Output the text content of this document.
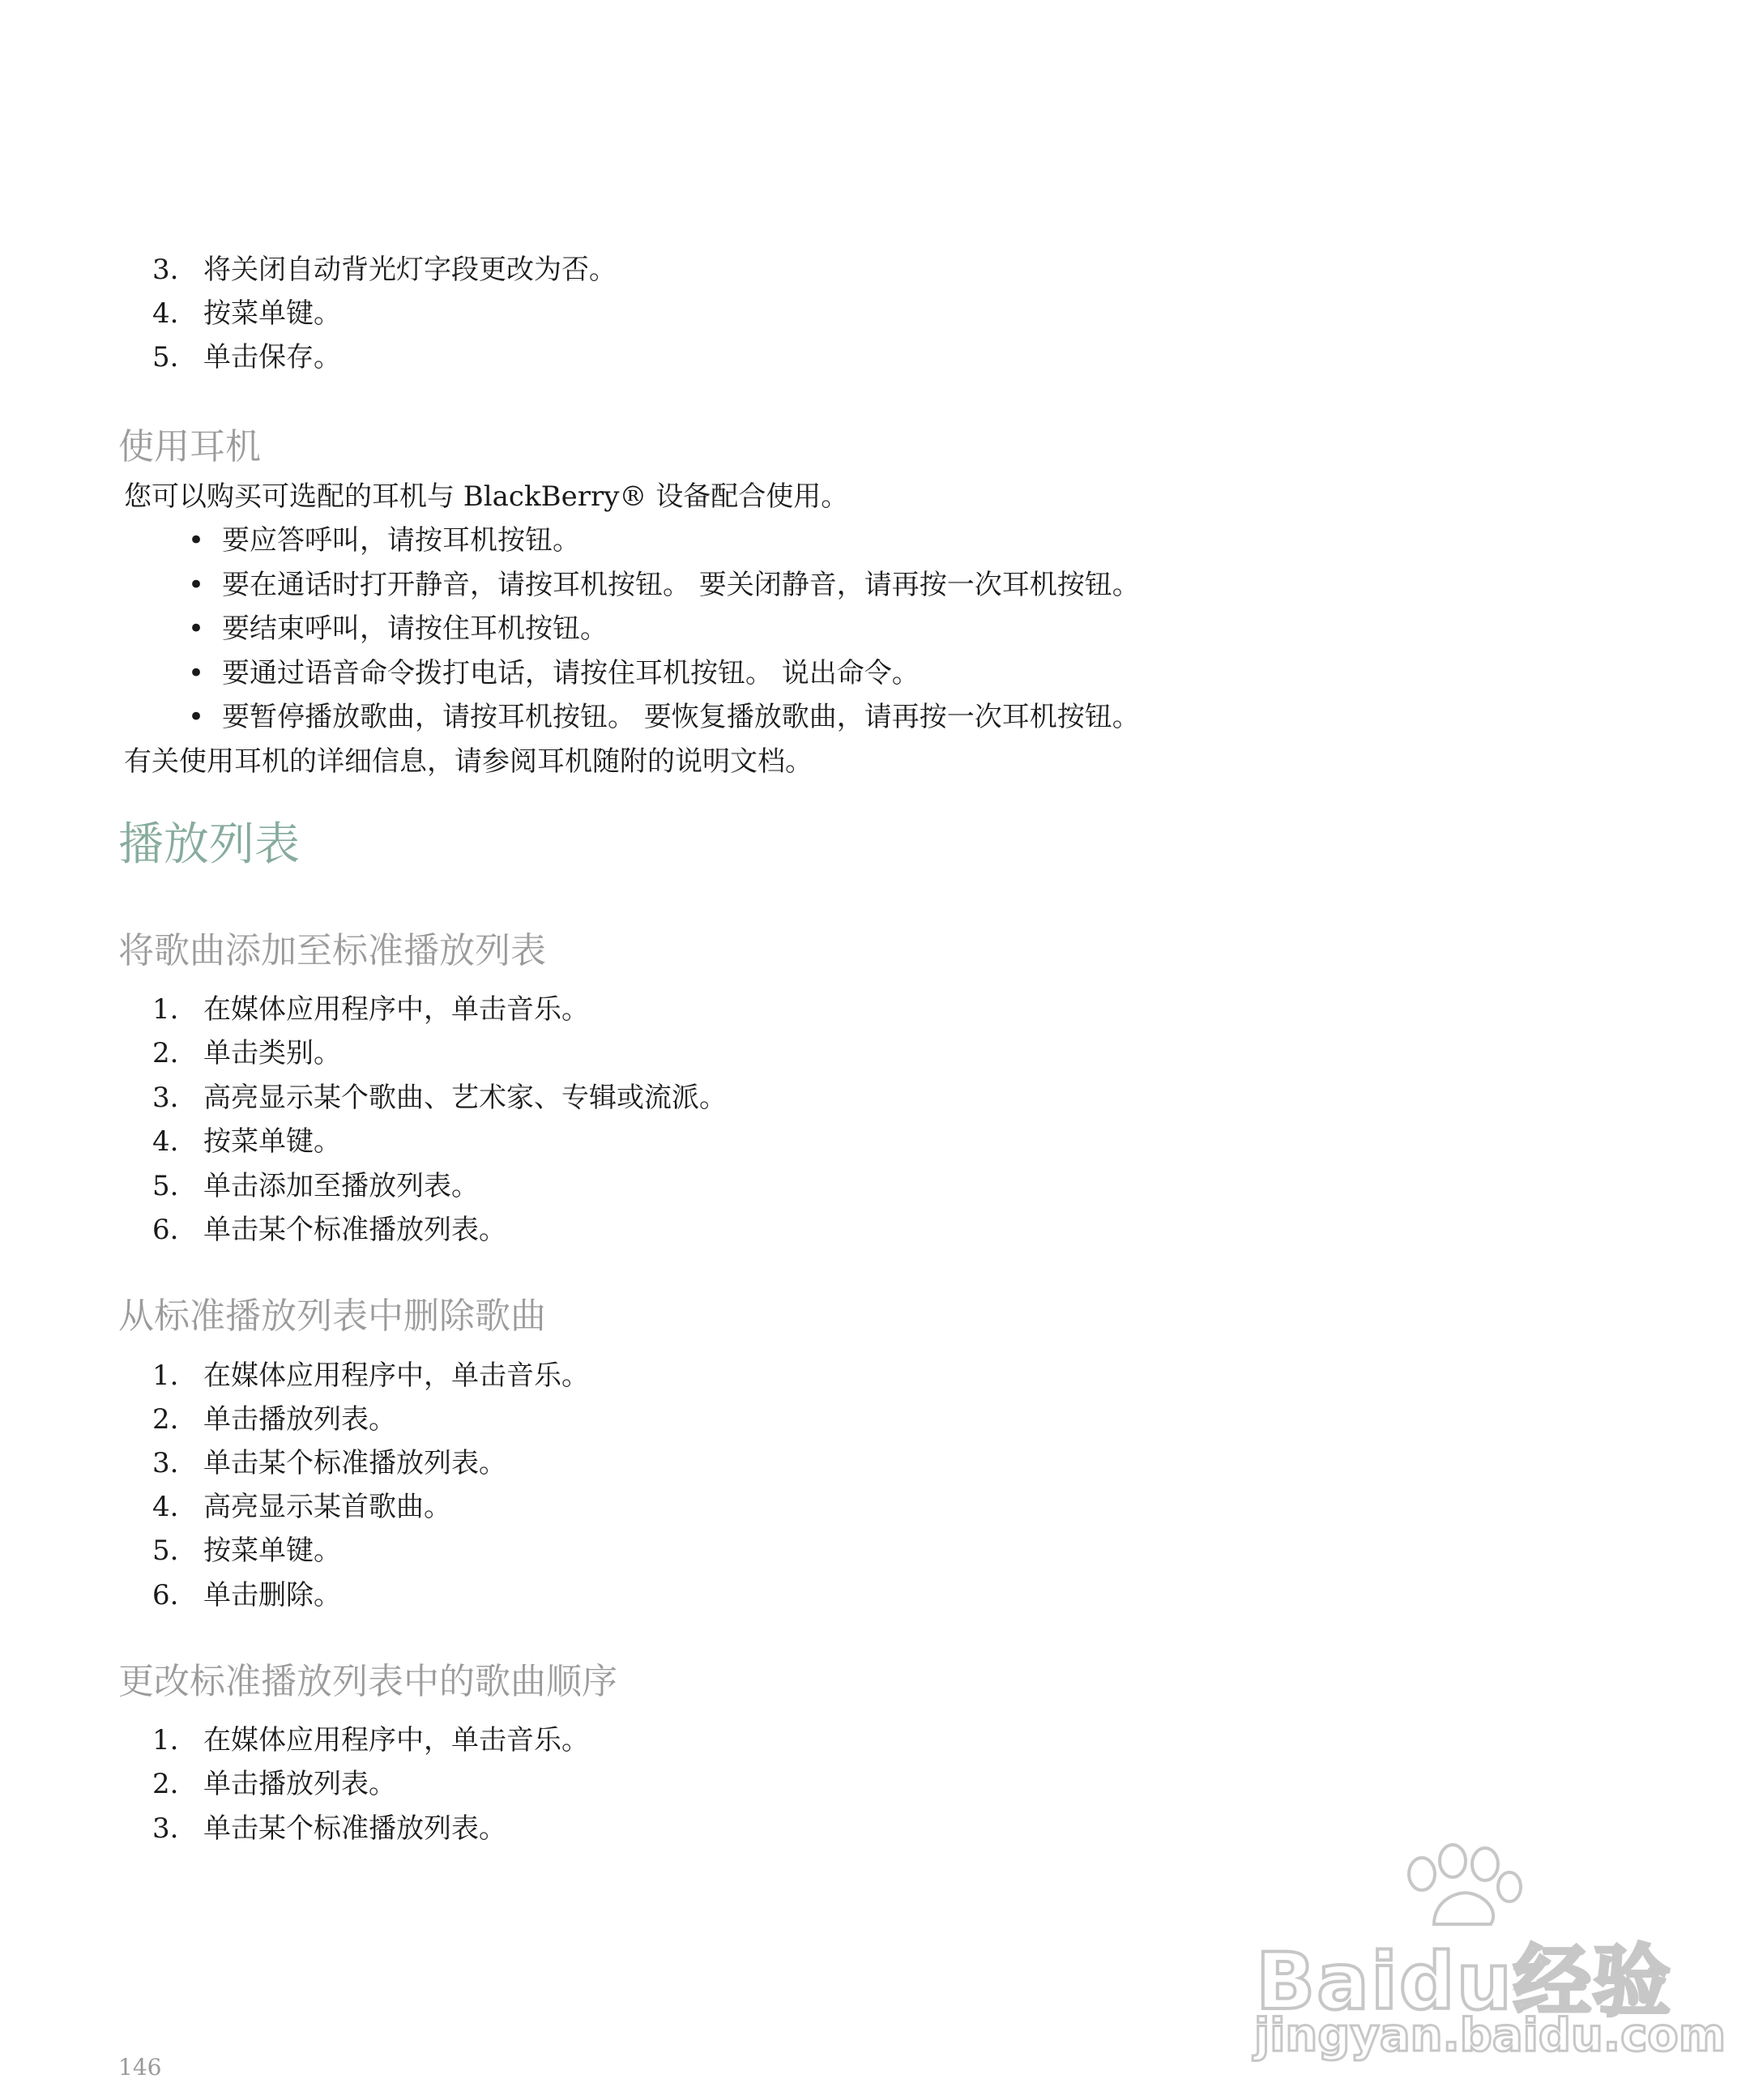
3. 将关闭自动背光灯字段更改为否。
4. 按菜单键。
5. 单击保存。
使用耳机
您可以购买可选配的耳机与 BlackBerry® 设备配合使用。
• 要应答呼叫，请按耳机按钮。
• 要在通话时打开静音，请按耳机按钮。 要关闭静音，请再按一次耳机按钮。
• 要结束呼叫，请按住耳机按钮。
• 要通过语音命令拨打电话，请按住耳机按钮。 说出命令。
• 要暂停播放歌曲，请按耳机按钮。 要恢复播放歌曲，请再按一次耳机按钮。
有关使用耳机的详细信息，请参阅耳机随附的说明文档。
播放列表
将歌曲添加至标准播放列表
1. 在媒体应用程序中，单击音乐。
2. 单击类别。
3. 高亮显示某个歌曲、艺术家、专辑或流派。
4. 按菜单键。
5. 单击添加至播放列表。
6. 单击某个标准播放列表。
从标准播放列表中删除歌曲
1. 在媒体应用程序中，单击音乐。
2. 单击播放列表。
3. 单击某个标准播放列表。
4. 高亮显示某首歌曲。
5. 按菜单键。
6. 单击删除。
更改标准播放列表中的歌曲顺序
1. 在媒体应用程序中，单击音乐。
2. 单击播放列表。
3. 单击某个标准播放列表。
146
Baidu经验
jingyan.baidu.com
